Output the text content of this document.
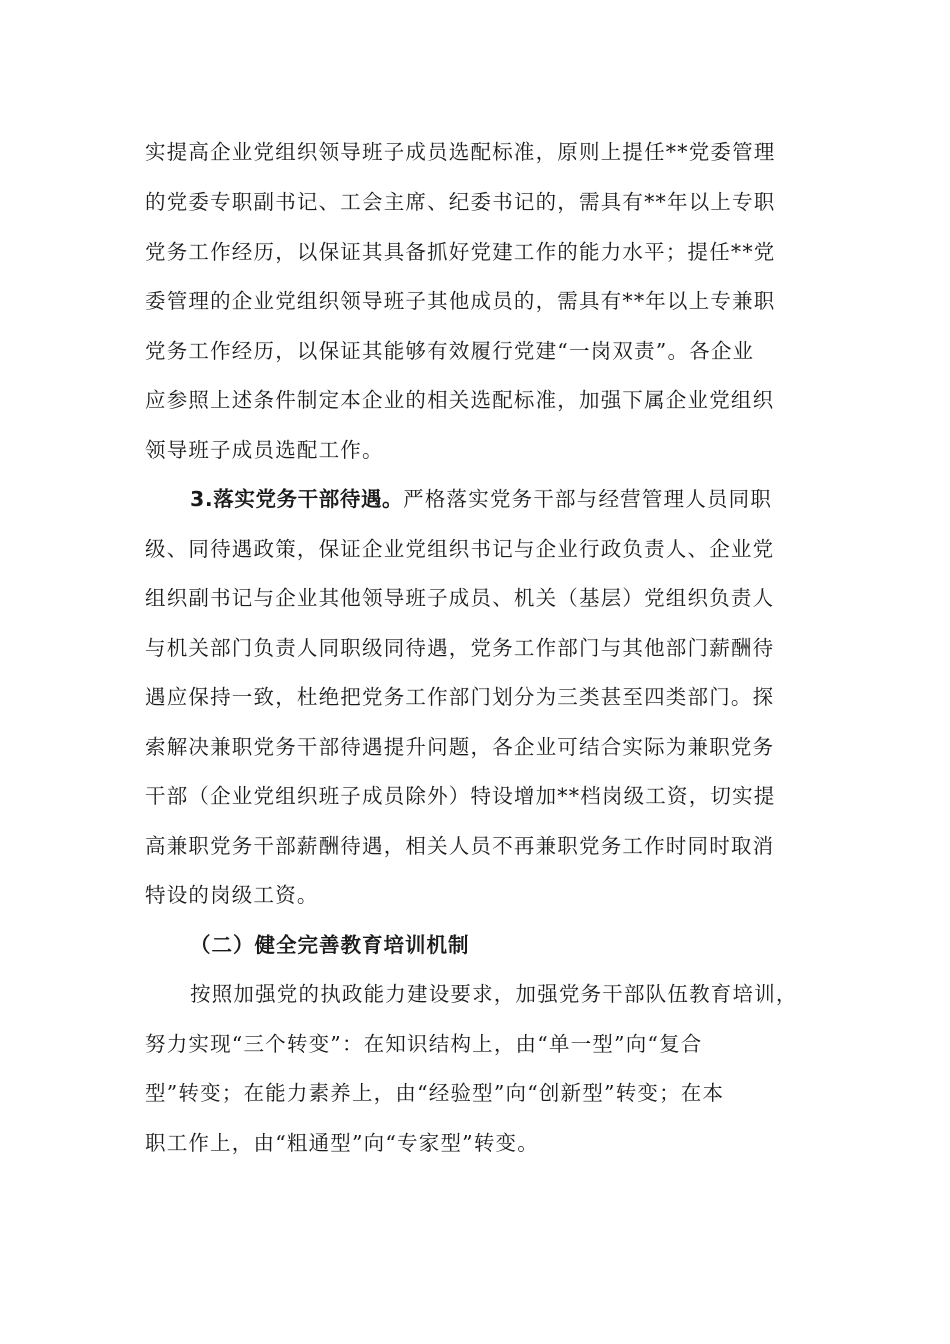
实提高企业党组织领导班子成员选配标准，原则上提任**党委管理
的党委专职副书记、工会主席、纪委书记的，需具有**年以上专职
党务工作经历，以保证其具备抓好党建工作的能力水平；提任**党
委管理的企业党组织领导班子其他成员的，需具有**年以上专兼职
党务工作经历，以保证其能够有效履行党建“一岗双责”。各企业
应参照上述条件制定本企业的相关选配标准，加强下属企业党组织
领导班子成员选配工作。
3.落实党务干部待遇。严格落实党务干部与经营管理人员同职
级、同待遇政策，保证企业党组织书记与企业行政负责人、企业党
组织副书记与企业其他领导班子成员、机关（基层）党组织负责人
与机关部门负责人同职级同待遇，党务工作部门与其他部门薪酬待
遇应保持一致，杜绝把党务工作部门划分为三类甚至四类部门。探
索解决兼职党务干部待遇提升问题，各企业可结合实际为兼职党务
干部（企业党组织班子成员除外）特设增加**档岗级工资，切实提
高兼职党务干部薪酬待遇，相关人员不再兼职党务工作时同时取消
特设的岗级工资。
（二）健全完善教育培训机制
按照加强党的执政能力建设要求，加强党务干部队伍教育培训，
努力实现“三个转变”：在知识结构上，由“单一型”向“复合
型”转变；在能力素养上，由“经验型”向“创新型”转变；在本
职工作上，由“粗通型”向“专家型”转变。
